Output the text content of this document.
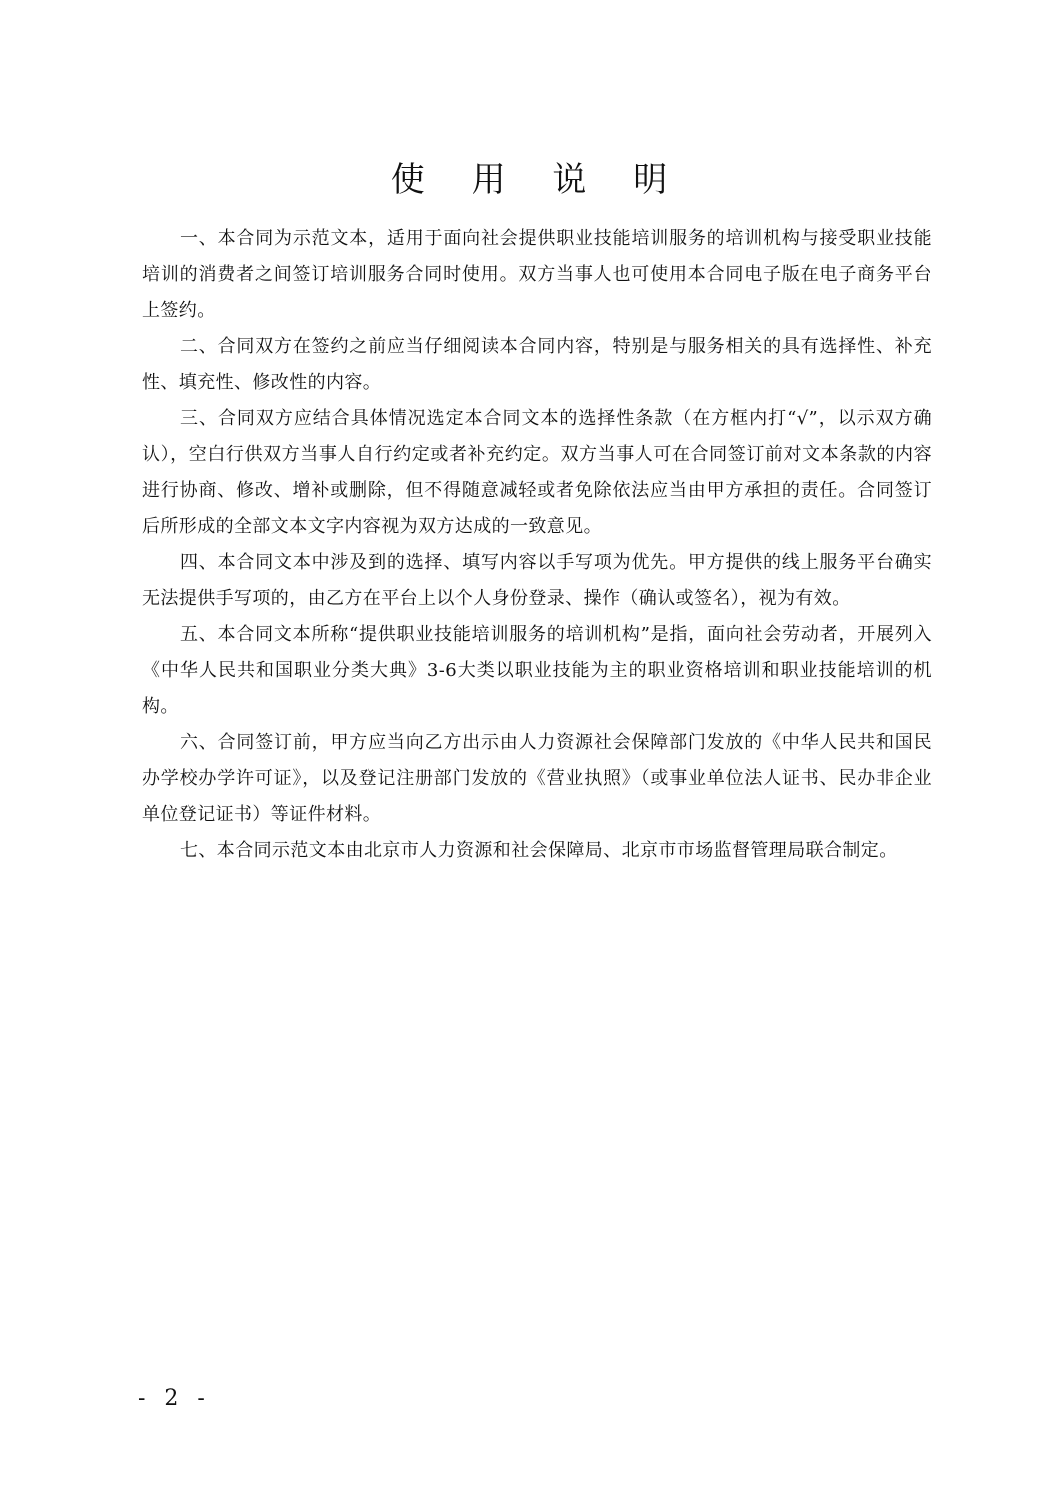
使 用 说 明

一、本合同为示范文本，适用于面向社会提供职业技能培训服务的培训机构与接受职业技能培训的消费者之间签订培训服务合同时使用。双方当事人也可使用本合同电子版在电子商务平台上签约。

二、合同双方在签约之前应当仔细阅读本合同内容，特别是与服务相关的具有选择性、补充性、填充性、修改性的内容。

三、合同双方应结合具体情况选定本合同文本的选择性条款（在方框内打“√”，以示双方确认），空白行供双方当事人自行约定或者补充约定。双方当事人可在合同签订前对文本条款的内容进行协商、修改、增补或删除，但不得随意减轻或者免除依法应当由甲方承担的责任。合同签订后所形成的全部文本文字内容视为双方达成的一致意见。

四、本合同文本中涉及到的选择、填写内容以手写项为优先。甲方提供的线上服务平台确实无法提供手写项的，由乙方在平台上以个人身份登录、操作（确认或签名），视为有效。

五、本合同文本所称“提供职业技能培训服务的培训机构”是指，面向社会劳动者，开展列入《中华人民共和国职业分类大典》3-6大类以职业技能为主的职业资格培训和职业技能培训的机构。

六、合同签订前，甲方应当向乙方出示由人力资源社会保障部门发放的《中华人民共和国民办学校办学许可证》，以及登记注册部门发放的《营业执照》（或事业单位法人证书、民办非企业单位登记证书）等证件材料。

七、本合同示范文本由北京市人力资源和社会保障局、北京市市场监督管理局联合制定。

- 2 -
